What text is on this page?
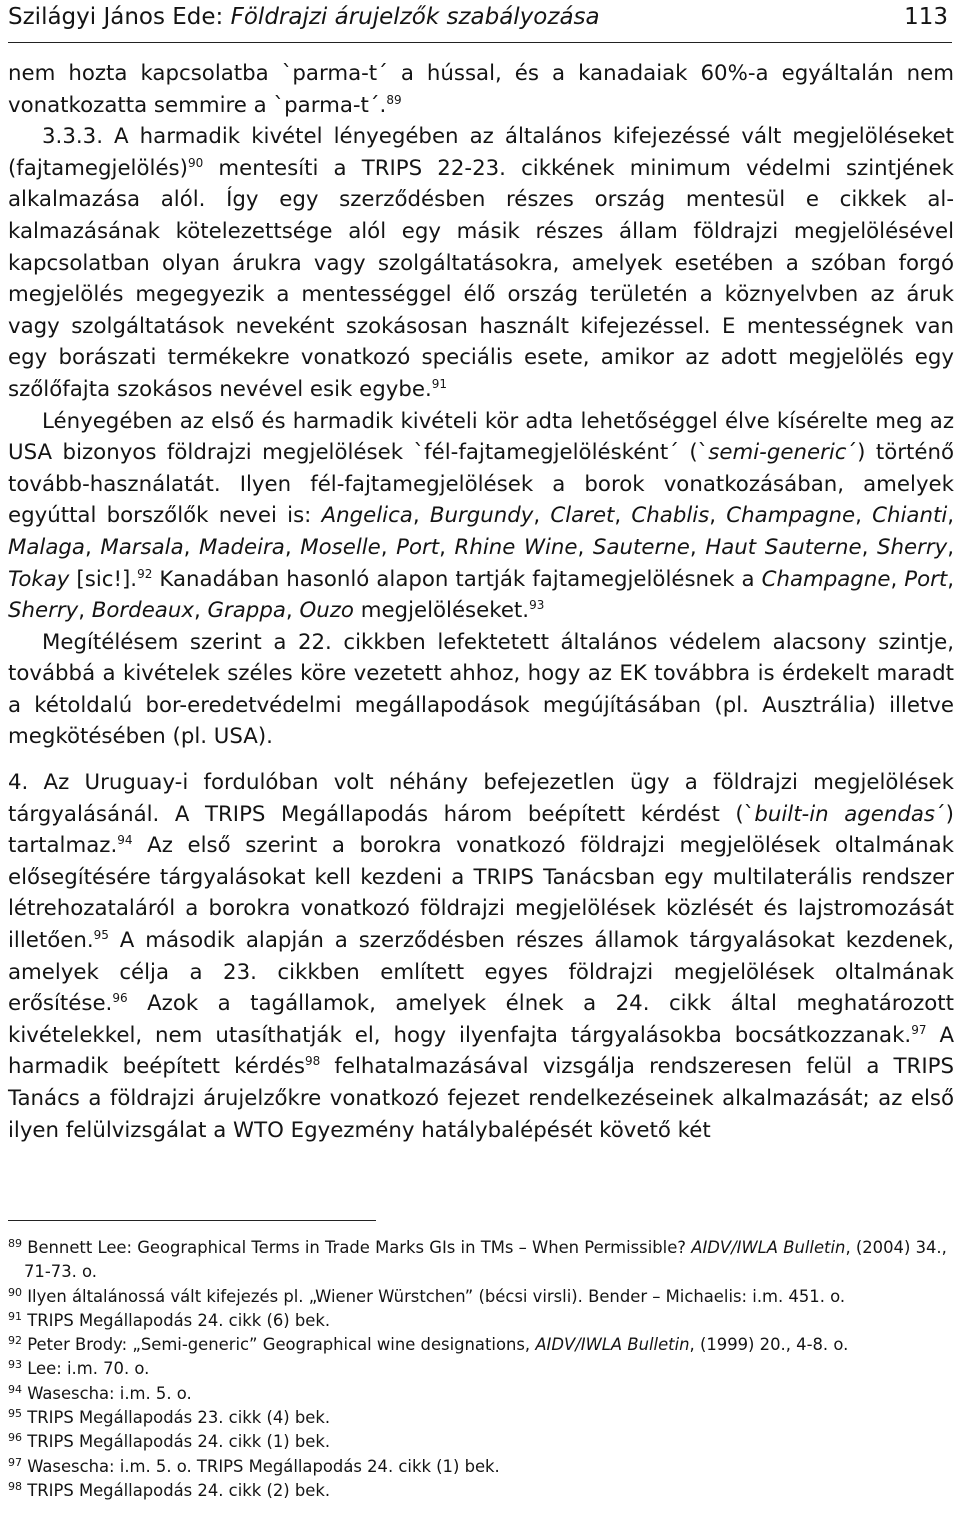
Szilágyi János Ede: Földrajzi árujelzők szabályozása	113

nem hozta kapcsolatba `parma-t´ a hússal, és a kanadaiak 60%-a egyáltalán nem vonatkozatta semmire a `parma-t´.$^{89}$

3.3.3. A harmadik kivétel lényegében az általános kifejezéssé vált megjelöléseket (fajtamegjelölés)$^{90}$ mentesíti a TRIPS 22-23. cikkének minimum védelmi szintjének alkalmazása alól. Így egy szerződésben részes ország mentesül e cikkek alkalmazásának kötelezettsége alól egy másik részes állam földrajzi megjelölésével kapcsolatban olyan árukra vagy szolgáltatásokra, amelyek esetében a szóban forgó megjelölés megegyezik a mentességgel élő ország területén a köznyelvben az áruk vagy szolgáltatások neveként szokásosan használt kifejezéssel. E mentességnek van egy borászati termékekre vonatkozó speciális esete, amikor az adott megjelölés egy szőlőfajta szokásos nevével esik egybe.$^{91}$

Lényegében az első és harmadik kivételi kör adta lehetőséggel élve kísérelte meg az USA bizonyos földrajzi megjelölések `fél-fajtamegjelölésként´ (`semi-generic´) történő tovább-használatát. Ilyen fél-fajtamegjelölések a borok vonatkozásában, amelyek egyúttal borszőlők nevei is: Angelica, Burgundy, Claret, Chablis, Champagne, Chianti, Malaga, Marsala, Madeira, Moselle, Port, Rhine Wine, Sauterne, Haut Sauterne, Sherry, Tokay [sic!].$^{92}$ Kanadában hasonló alapon tartják fajtamegjelölésnek a Champagne, Port, Sherry, Bordeaux, Grappa, Ouzo megjelöléseket.$^{93}$

Megítélésem szerint a 22. cikkben lefektetett általános védelem alacsony szintje, továbbá a kivételek széles köre vezetett ahhoz, hogy az EK továbbra is érdekelt maradt a kétoldalú bor-eredetvédelmi megállapodások megújításában (pl. Ausztrália) illetve megkötésében (pl. USA).

4. Az Uruguay-i fordulóban volt néhány befejezetlen ügy a földrajzi megjelölések tárgyalásánál. A TRIPS Megállapodás három beépített kérdést (`built-in agendas´) tartalmaz.$^{94}$ Az első szerint a borokra vonatkozó földrajzi megjelölések oltalmának elősegítésére tárgyalásokat kell kezdeni a TRIPS Tanácsban egy multilaterális rendszer létrehozataláról a borokra vonatkozó földrajzi megjelölések közlését és lajstromozását illetően.$^{95}$ A második alapján a szerződésben részes államok tárgyalásokat kezdenek, amelyek célja a 23. cikkben említett egyes földrajzi megjelölések oltalmának erősítése.$^{96}$ Azok a tagállamok, amelyek élnek a 24. cikk által meghatározott kivételekkel, nem utasíthatják el, hogy ilyenfajta tárgyalásokba bocsátkozzanak.$^{97}$ A harmadik beépített kérdés$^{98}$ felhatalmazásával vizsgálja rendszeresen felül a TRIPS Tanács a földrajzi árujelzőkre vonatkozó fejezet rendelkezéseinek alkalmazását; az első ilyen felülvizsgálat a WTO Egyezmény hatálybalépését követő két

$^{89}$ Bennett Lee: Geographical Terms in Trade Marks GIs in TMs – When Permissible? AIDV/IWLA Bulletin, (2004) 34., 71-73. o.
$^{90}$ Ilyen általánossá vált kifejezés pl. „Wiener Würstchen” (bécsi virsli). Bender – Michaelis: i.m. 451. o.
$^{91}$ TRIPS Megállapodás 24. cikk (6) bek.
$^{92}$ Peter Brody: „Semi-generic” Geographical wine designations, AIDV/IWLA Bulletin, (1999) 20., 4-8. o.
$^{93}$ Lee: i.m. 70. o.
$^{94}$ Wasescha: i.m. 5. o.
$^{95}$ TRIPS Megállapodás 23. cikk (4) bek.
$^{96}$ TRIPS Megállapodás 24. cikk (1) bek.
$^{97}$ Wasescha: i.m. 5. o. TRIPS Megállapodás 24. cikk (1) bek.
$^{98}$ TRIPS Megállapodás 24. cikk (2) bek.
